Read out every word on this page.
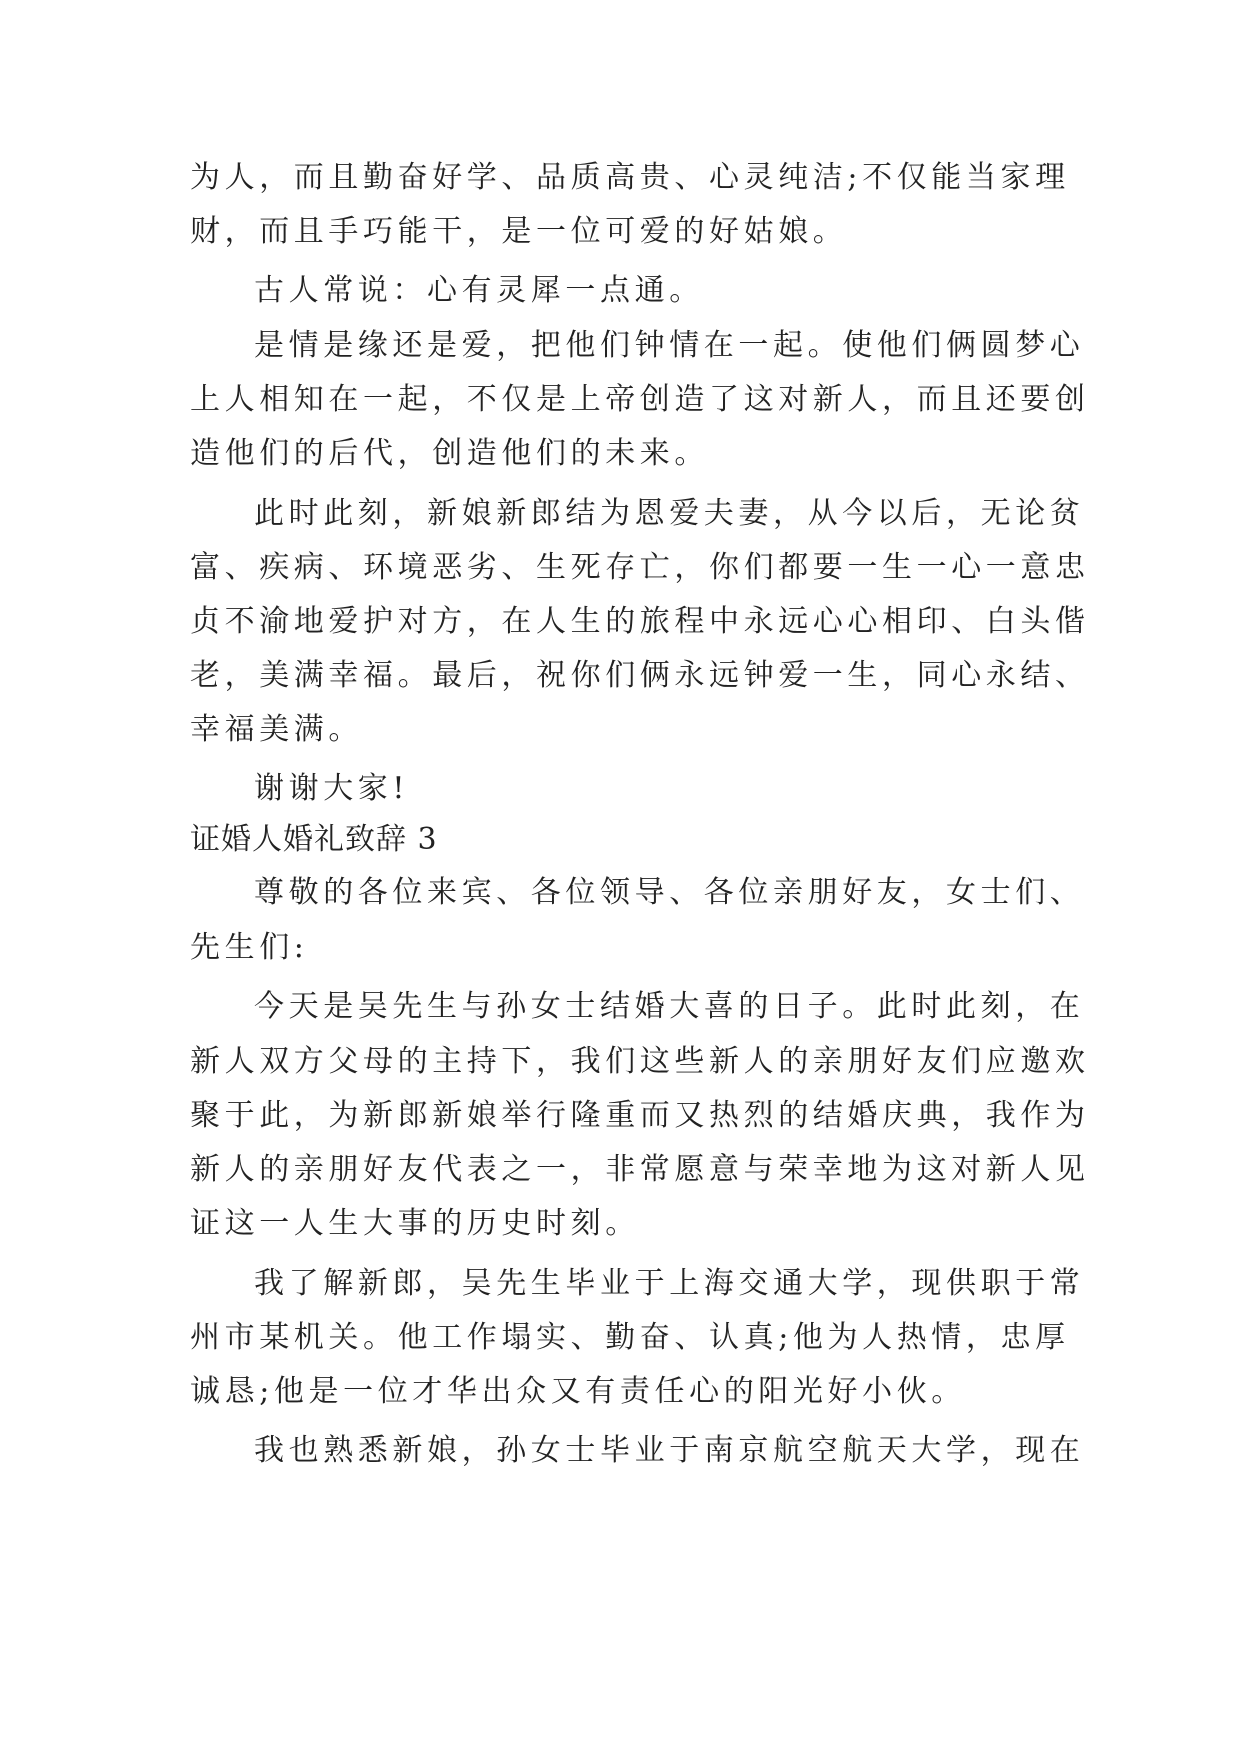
为人，而且勤奋好学、品质高贵、心灵纯洁;不仅能当家理
财，而且手巧能干，是一位可爱的好姑娘。
古人常说：心有灵犀一点通。
是情是缘还是爱，把他们钟情在一起。使他们俩圆梦心
上人相知在一起，不仅是上帝创造了这对新人，而且还要创
造他们的后代，创造他们的未来。
此时此刻，新娘新郎结为恩爱夫妻，从今以后，无论贫
富、疾病、环境恶劣、生死存亡，你们都要一生一心一意忠
贞不渝地爱护对方，在人生的旅程中永远心心相印、白头偕
老，美满幸福。最后，祝你们俩永远钟爱一生，同心永结、
幸福美满。
谢谢大家!
证婚人婚礼致辞 3
尊敬的各位来宾、各位领导、各位亲朋好友，女士们、
先生们:
今天是吴先生与孙女士结婚大喜的日子。此时此刻，在
新人双方父母的主持下，我们这些新人的亲朋好友们应邀欢
聚于此，为新郎新娘举行隆重而又热烈的结婚庆典，我作为
新人的亲朋好友代表之一，非常愿意与荣幸地为这对新人见
证这一人生大事的历史时刻。
我了解新郎，吴先生毕业于上海交通大学，现供职于常
州市某机关。他工作塌实、勤奋、认真;他为人热情，忠厚
诚恳;他是一位才华出众又有责任心的阳光好小伙。
我也熟悉新娘，孙女士毕业于南京航空航天大学，现在
